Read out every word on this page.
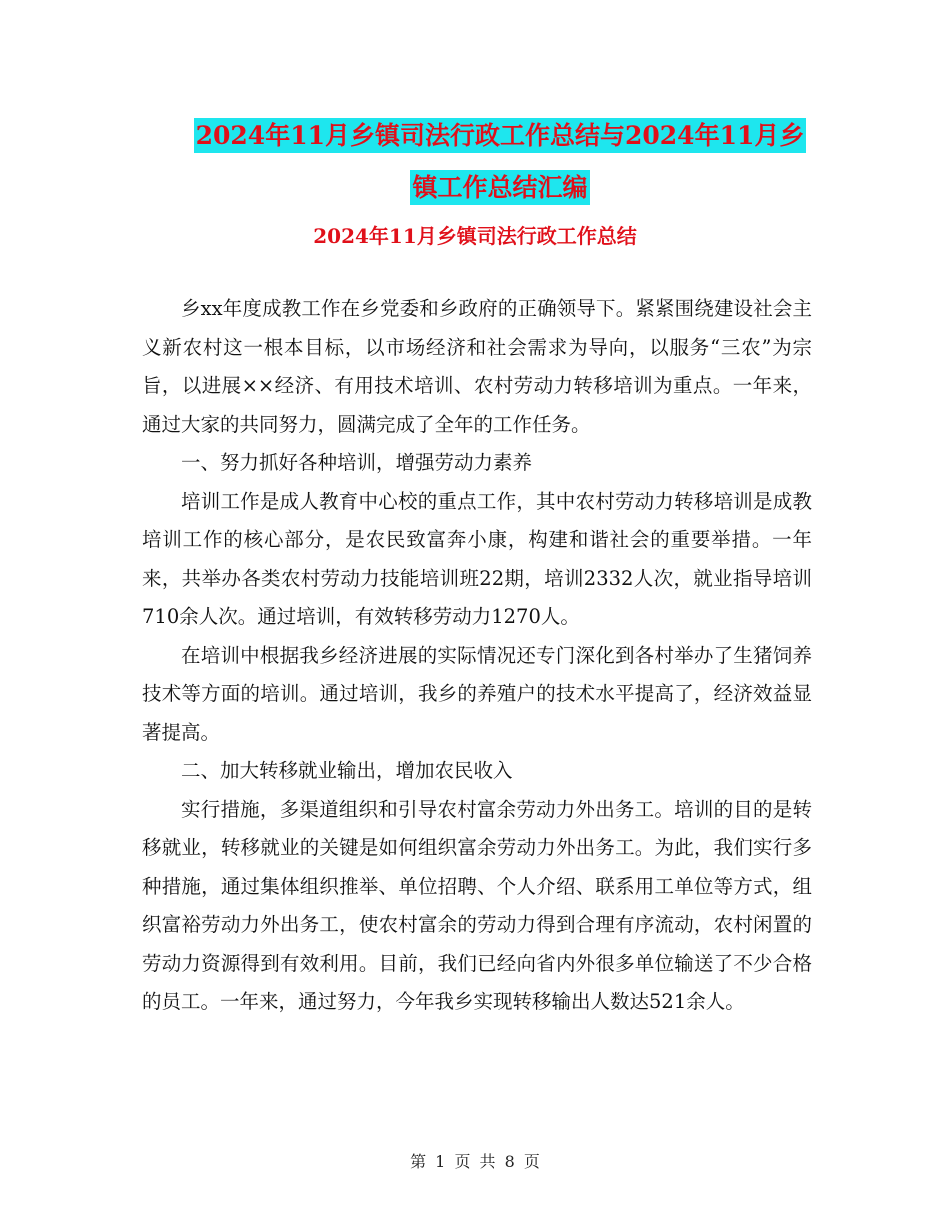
2024年11月乡镇司法行政工作总结与2024年11月乡
镇工作总结汇编
2024年11月乡镇司法行政工作总结

乡xx年度成教工作在乡党委和乡政府的正确领导下。紧紧围绕建设社会主义新农村这一根本目标，以市场经济和社会需求为导向，以服务“三农”为宗旨，以进展××经济、有用技术培训、农村劳动力转移培训为重点。一年来，通过大家的共同努力，圆满完成了全年的工作任务。

一、努力抓好各种培训，增强劳动力素养

培训工作是成人教育中心校的重点工作，其中农村劳动力转移培训是成教培训工作的核心部分，是农民致富奔小康，构建和谐社会的重要举措。一年来，共举办各类农村劳动力技能培训班22期，培训2332人次，就业指导培训710余人次。通过培训，有效转移劳动力1270人。

在培训中根据我乡经济进展的实际情况还专门深化到各村举办了生猪饲养技术等方面的培训。通过培训，我乡的养殖户的技术水平提高了，经济效益显著提高。

二、加大转移就业输出，增加农民收入

实行措施，多渠道组织和引导农村富余劳动力外出务工。培训的目的是转移就业，转移就业的关键是如何组织富余劳动力外出务工。为此，我们实行多种措施，通过集体组织推举、单位招聘、个人介绍、联系用工单位等方式，组织富裕劳动力外出务工，使农村富余的劳动力得到合理有序流动，农村闲置的劳动力资源得到有效利用。目前，我们已经向省内外很多单位输送了不少合格的员工。一年来，通过努力，今年我乡实现转移输出人数达521余人。

第 1 页 共 8 页
